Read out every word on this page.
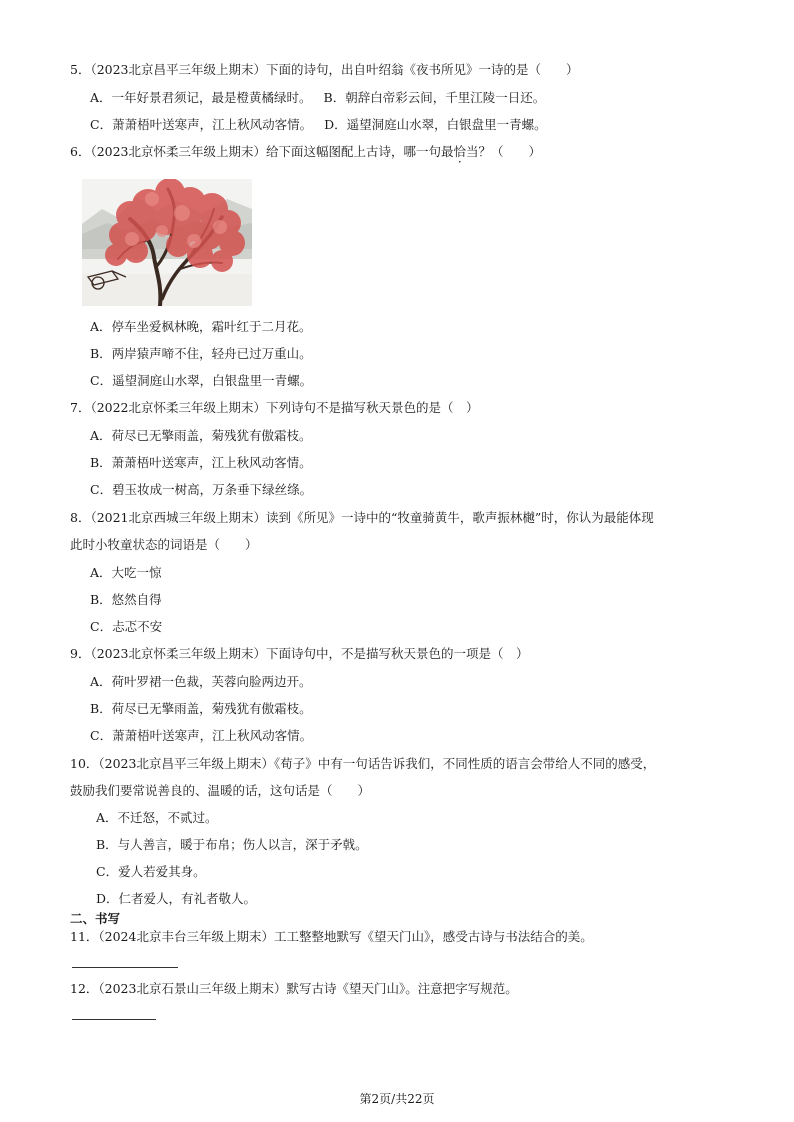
5．（2023北京昌平三年级上期末）下面的诗句，出自叶绍翁《夜书所见》一诗的是（　　）
A．一年好景君须记，最是橙黄橘绿时。 B．朝辞白帝彩云间，千里江陵一日还。
C．萧萧梧叶送寒声，江上秋风动客情。 D．遥望洞庭山水翠，白银盘里一青螺。
6．（2023北京怀柔三年级上期末）给下面这幅图配上古诗，哪一句最恰当？（　　）
A．停车坐爱枫林晚，霜叶红于二月花。
B．两岸猿声啼不住，轻舟已过万重山。
C．遥望洞庭山水翠，白银盘里一青螺。
7．（2022北京怀柔三年级上期末）下列诗句不是描写秋天景色的是（　）
A．荷尽已无擎雨盖，菊残犹有傲霜枝。
B．萧萧梧叶送寒声，江上秋风动客情。
C．碧玉妆成一树高，万条垂下绿丝绦。
8．（2021北京西城三年级上期末）读到《所见》一诗中的“牧童骑黄牛，歌声振林樾”时，你认为最能体现
此时小牧童状态的词语是（　　）
A．大吃一惊
B．悠然自得
C．忐忑不安
9．（2023北京怀柔三年级上期末）下面诗句中，不是描写秋天景色的一项是（　）
A．荷叶罗裙一色裁，芙蓉向脸两边开。
B．荷尽已无擎雨盖，菊残犹有傲霜枝。
C．萧萧梧叶送寒声，江上秋风动客情。
10．（2023北京昌平三年级上期末）《荀子》中有一句话告诉我们，不同性质的语言会带给人不同的感受，
鼓励我们要常说善良的、温暖的话，这句话是（　　）
A．不迁怒，不贰过。
B．与人善言，暖于布帛；伤人以言，深于矛戟。
C．爱人若爱其身。
D．仁者爱人，有礼者敬人。
二、书写
11．（2024北京丰台三年级上期末）工工整整地默写《望天门山》，感受古诗与书法结合的美。
12．（2023北京石景山三年级上期末）默写古诗《望天门山》。注意把字写规范。
第2页/共22页
